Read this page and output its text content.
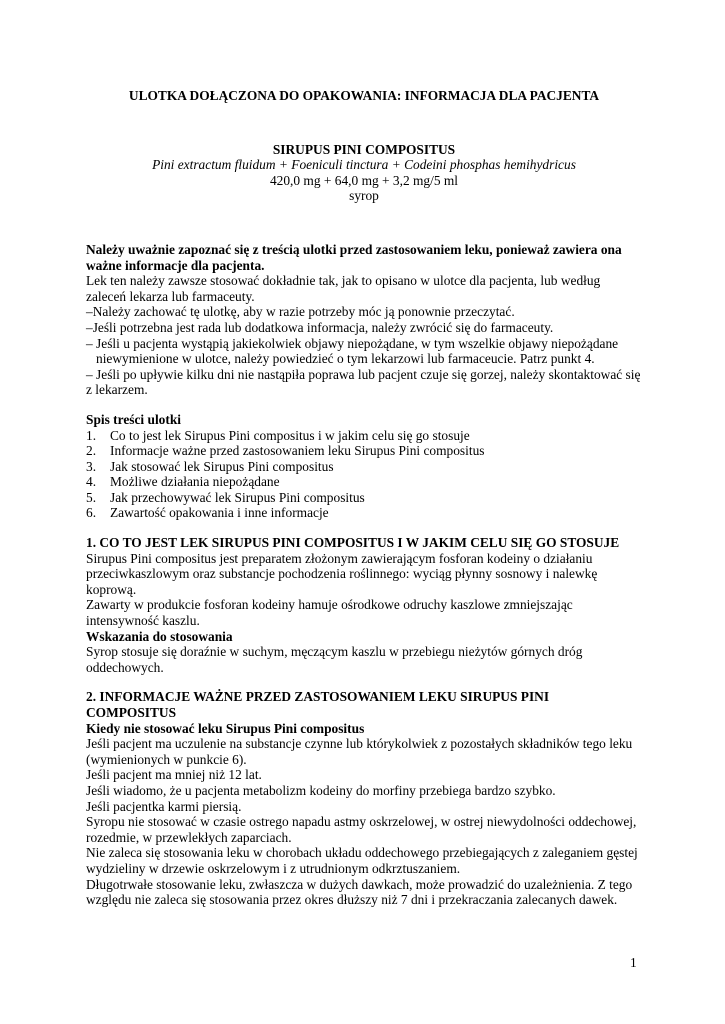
ULOTKA DOŁĄCZONA DO OPAKOWANIA: INFORMACJA DLA PACJENTA

SIRUPUS PINI COMPOSITUS

Pini extractum fluidum + Foeniculi tinctura + Codeini phosphas hemihydricus

420,0 mg + 64,0 mg + 3,2 mg/5 ml

syrop

Należy uważnie zapoznać się z treścią ulotki przed zastosowaniem leku, ponieważ zawiera ona ważne informacje dla pacjenta.

Lek ten należy zawsze stosować dokładnie tak, jak to opisano w ulotce dla pacjenta, lub według zaleceń lekarza lub farmaceuty.

–Należy zachować tę ulotkę, aby w razie potrzeby móc ją ponownie przeczytać.

–Jeśli potrzebna jest rada lub dodatkowa informacja, należy zwrócić się do farmaceuty.

– Jeśli u pacjenta wystąpią jakiekolwiek objawy niepożądane, w tym wszelkie objawy niepożądane

niewymienione w ulotce, należy powiedzieć o tym lekarzowi lub farmaceucie. Patrz punkt 4.

– Jeśli po upływie kilku dni nie nastąpiła poprawa lub pacjent czuje się gorzej, należy skontaktować się z lekarzem.

Spis treści ulotki
1.	Co to jest lek Sirupus Pini compositus i w jakim celu się go stosuje
2.	Informacje ważne przed zastosowaniem leku Sirupus Pini compositus
3.	Jak stosować lek Sirupus Pini compositus
4.	Możliwe działania niepożądane
5.	Jak przechowywać lek Sirupus Pini compositus
6.	Zawartość opakowania i inne informacje
1. CO TO JEST LEK SIRUPUS PINI COMPOSITUS I W JAKIM CELU SIĘ GO STOSUJE

Sirupus Pini compositus jest preparatem złożonym zawierającym fosforan kodeiny o działaniu przeciwkaszlowym oraz substancje pochodzenia roślinnego: wyciąg płynny sosnowy i nalewkę koprową.

Zawarty w produkcie fosforan kodeiny hamuje ośrodkowe odruchy kaszlowe zmniejszając intensywność kaszlu.

Wskazania do stosowania

Syrop stosuje się doraźnie w suchym, męczącym kaszlu w przebiegu nieżytów górnych dróg oddechowych.

2. INFORMACJE WAŻNE PRZED ZASTOSOWANIEM LEKU SIRUPUS PINI COMPOSITUS
Kiedy nie stosować leku Sirupus Pini compositus

Jeśli pacjent ma uczulenie na substancje czynne lub którykolwiek z pozostałych składników tego leku (wymienionych w punkcie 6).

Jeśli pacjent ma mniej niż 12 lat.

Jeśli wiadomo, że u pacjenta metabolizm kodeiny do morfiny przebiega bardzo szybko.

Jeśli pacjentka karmi piersią.

Syropu nie stosować w czasie ostrego napadu astmy oskrzelowej, w ostrej niewydolności oddechowej, rozedmie, w przewlekłych zaparciach.

Nie zaleca się stosowania leku w chorobach układu oddechowego przebiegających z zaleganiem gęstej wydzieliny w drzewie oskrzelowym i z utrudnionym odkrztuszaniem.

Długotrwałe stosowanie leku, zwłaszcza w dużych dawkach, może prowadzić do uzależnienia. Z tego względu nie zaleca się stosowania przez okres dłuższy niż 7 dni i przekraczania zalecanych dawek.

1
